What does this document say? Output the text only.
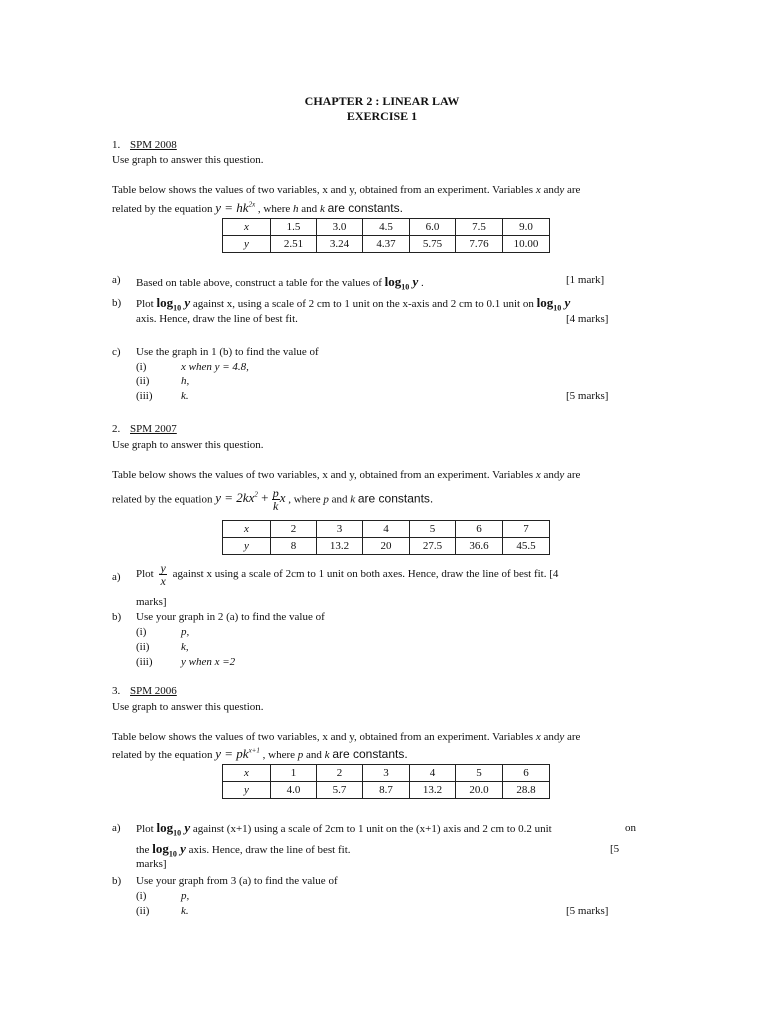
CHAPTER 2 : LINEAR LAW
EXERCISE 1
1. SPM 2008
Use graph to answer this question.
Table below shows the values of two variables, x and y, obtained from an experiment. Variables x andy are
related by the equation $y = hk^{2x}$ , where h and k are constants.
x	1.5	3.0	4.5	6.0	7.5	9.0
y	2.51	3.24	4.37	5.75	7.76	10.00
a) Based on table above, construct a table for the values of $\log_{10} y$ .	[1 mark]
b) Plot $\log_{10} y$ against x, using a scale of 2 cm to 1 unit on the x-axis and 2 cm to 0.1 unit on $\log_{10} y$
axis. Hence, draw the line of best fit.	[4 marks]
c) Use the graph in 1 (b) to find the value of
(i)	x when y = 4.8,
(ii)	h,
(iii)	k.	[5 marks]
2. SPM 2007
Use graph to answer this question.
Table below shows the values of two variables, x and y, obtained from an experiment. Variables x andy are
related by the equation $y = 2kx^2 + \frac{p}{k}$ x , where p and k are constants.
x	2	3	4	5	6	7
y	8	13.2	20	27.5	36.6	45.5
a) Plot $\frac{y}{x}$ against x using a scale of 2cm to 1 unit on both axes. Hence, draw the line of best fit. [4
marks]
b) Use your graph in 2 (a) to find the value of
(i)	p,
(ii)	k,
(iii)	y when x =2
3. SPM 2006
Use graph to answer this question.
Table below shows the values of two variables, x and y, obtained from an experiment. Variables x andy are
related by the equation $y = pk^{x+1}$ , where p and k are constants.
x	1	2	3	4	5	6
y	4.0	5.7	8.7	13.2	20.0	28.8
a) Plot $\log_{10} y$ against (x+1) using a scale of 2cm to 1 unit on the (x+1) axis and 2 cm to 0.2 unit	on
the $\log_{10} y$ axis. Hence, draw the line of best fit.	[5
marks]
b) Use your graph from 3 (a) to find the value of
(i)	p,
(ii)	k.	[5 marks]
